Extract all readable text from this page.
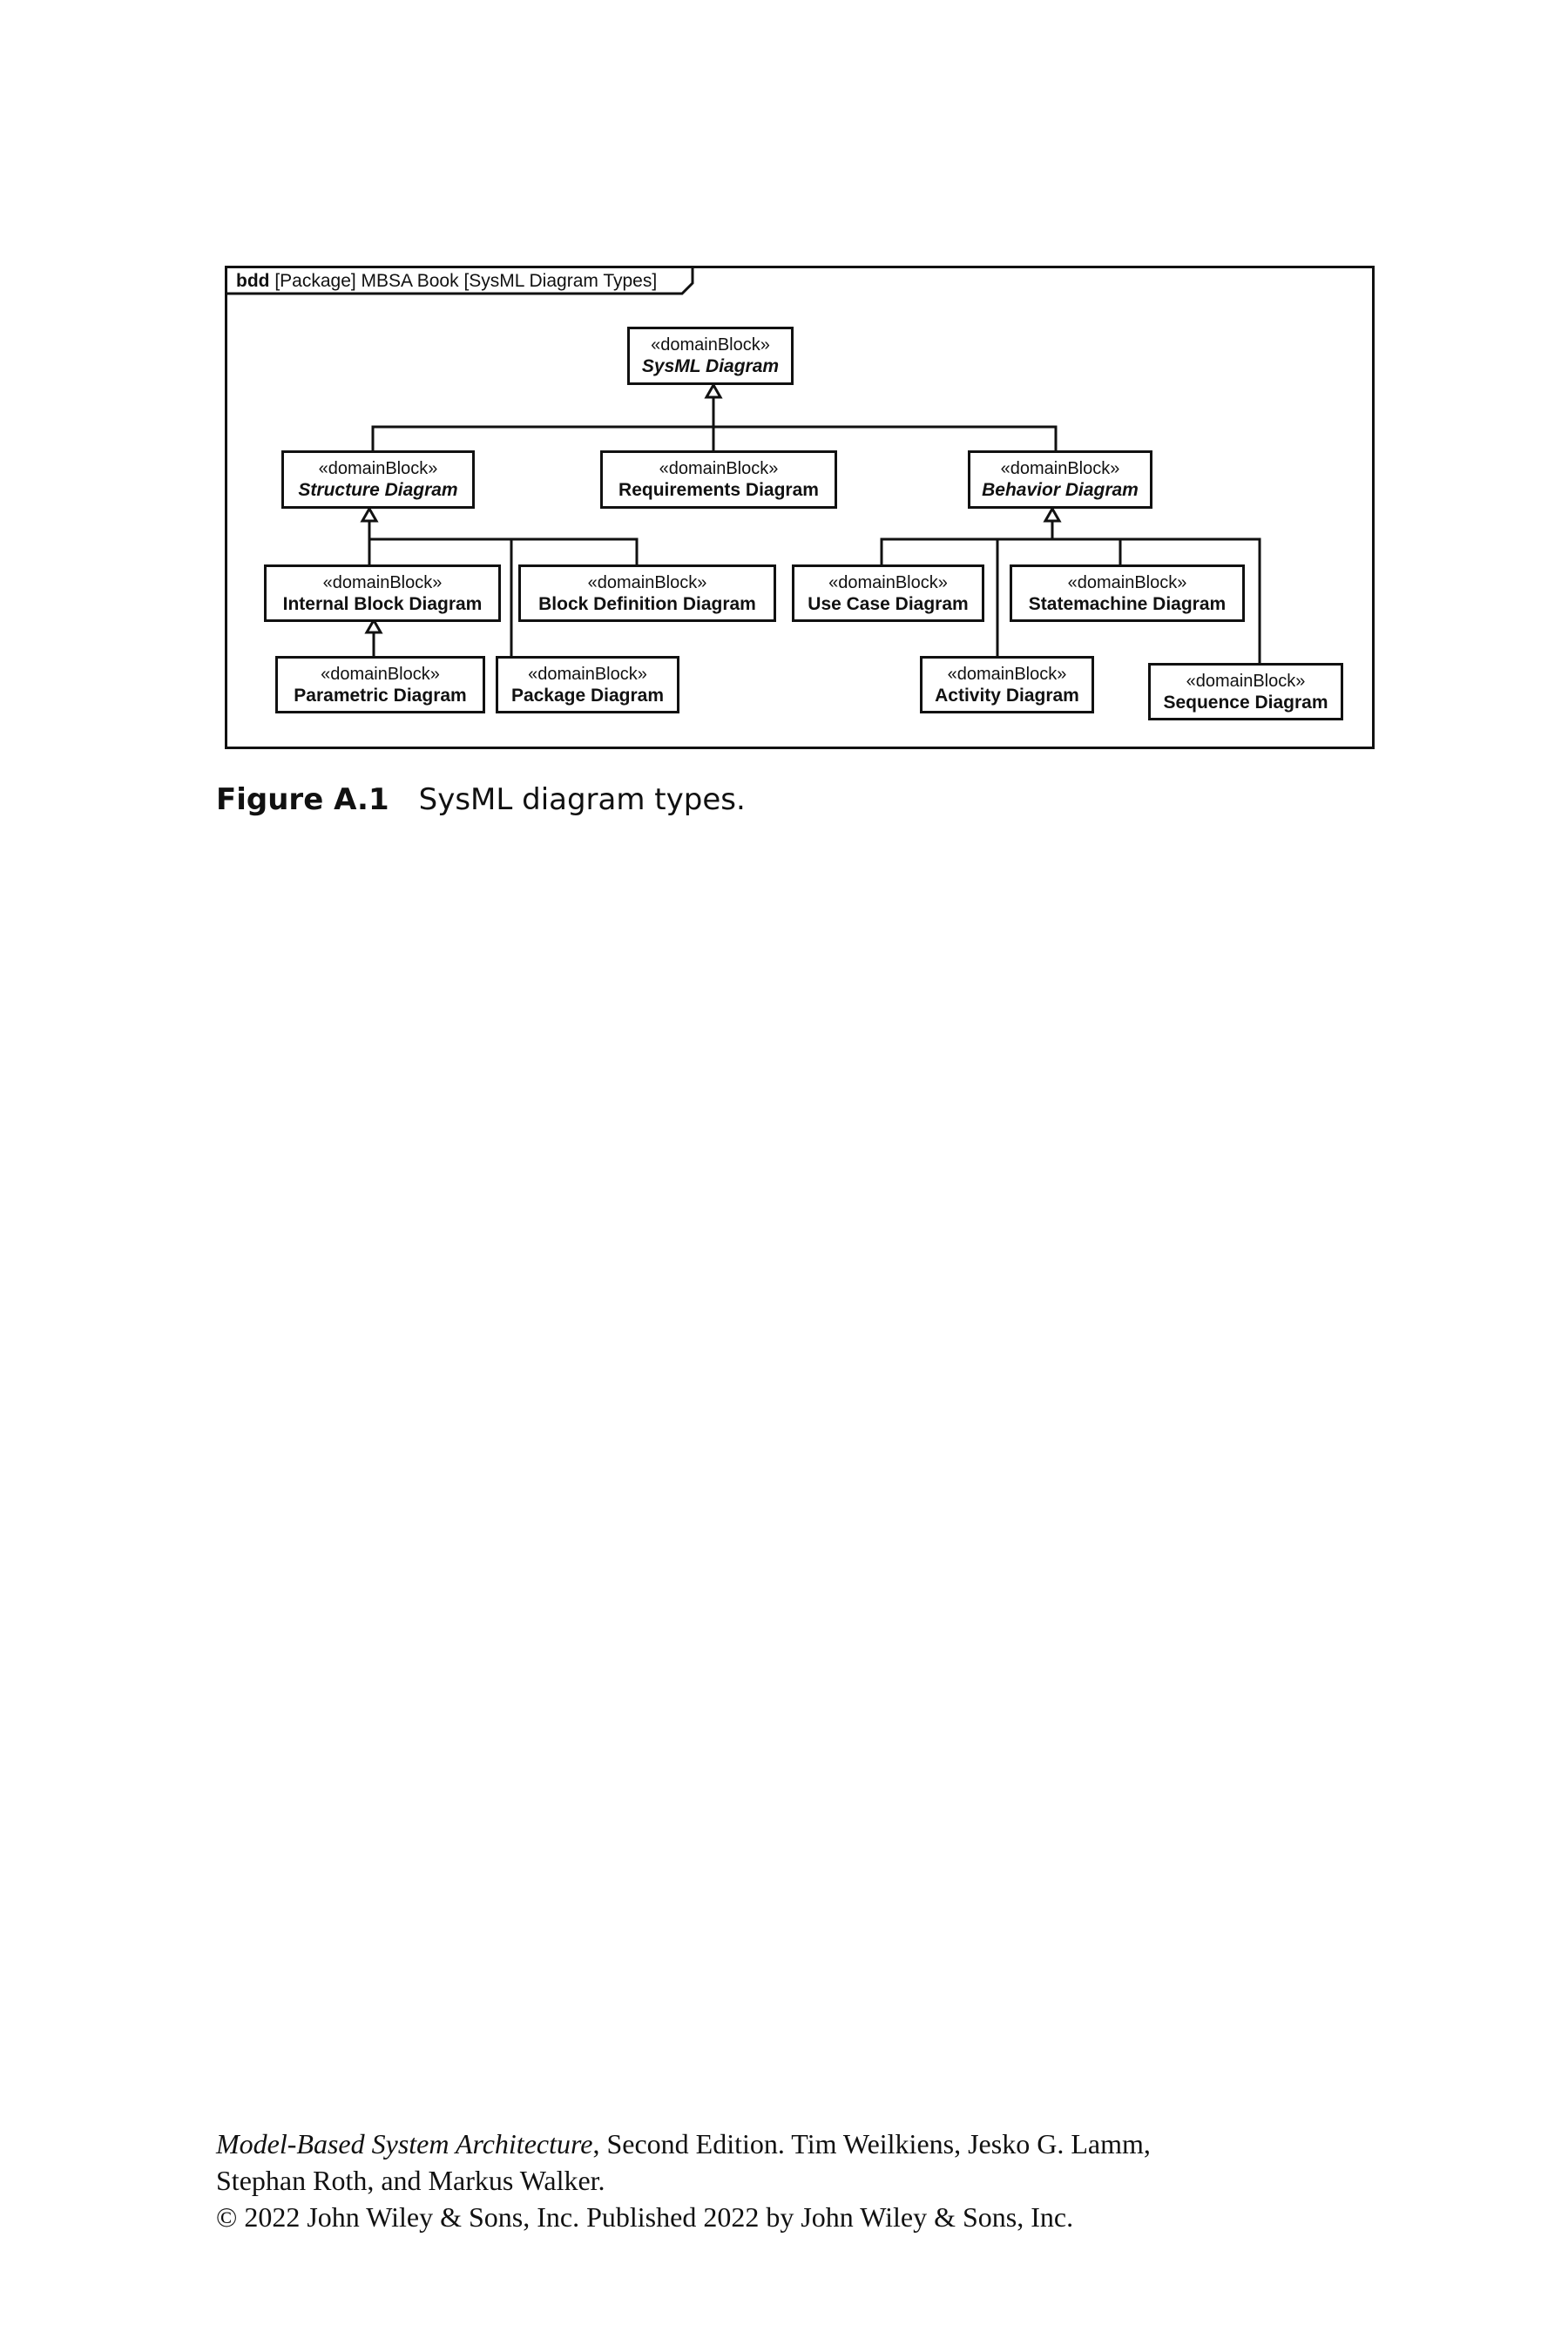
bdd [Package] MBSA Book [SysML Diagram Types]
«domainBlock»
SysML Diagram
«domainBlock»
Structure Diagram
«domainBlock»
Requirements Diagram
«domainBlock»
Behavior Diagram
«domainBlock»
Internal Block Diagram
«domainBlock»
Block Definition Diagram
«domainBlock»
Use Case Diagram
«domainBlock»
Statemachine Diagram
«domainBlock»
Parametric Diagram
«domainBlock»
Package Diagram
«domainBlock»
Activity Diagram
«domainBlock»
Sequence Diagram
Figure A.1 SysML diagram types.
Model-Based System Architecture, Second Edition. Tim Weilkiens, Jesko G. Lamm,
Stephan Roth, and Markus Walker.
© 2022 John Wiley & Sons, Inc. Published 2022 by John Wiley & Sons, Inc.
